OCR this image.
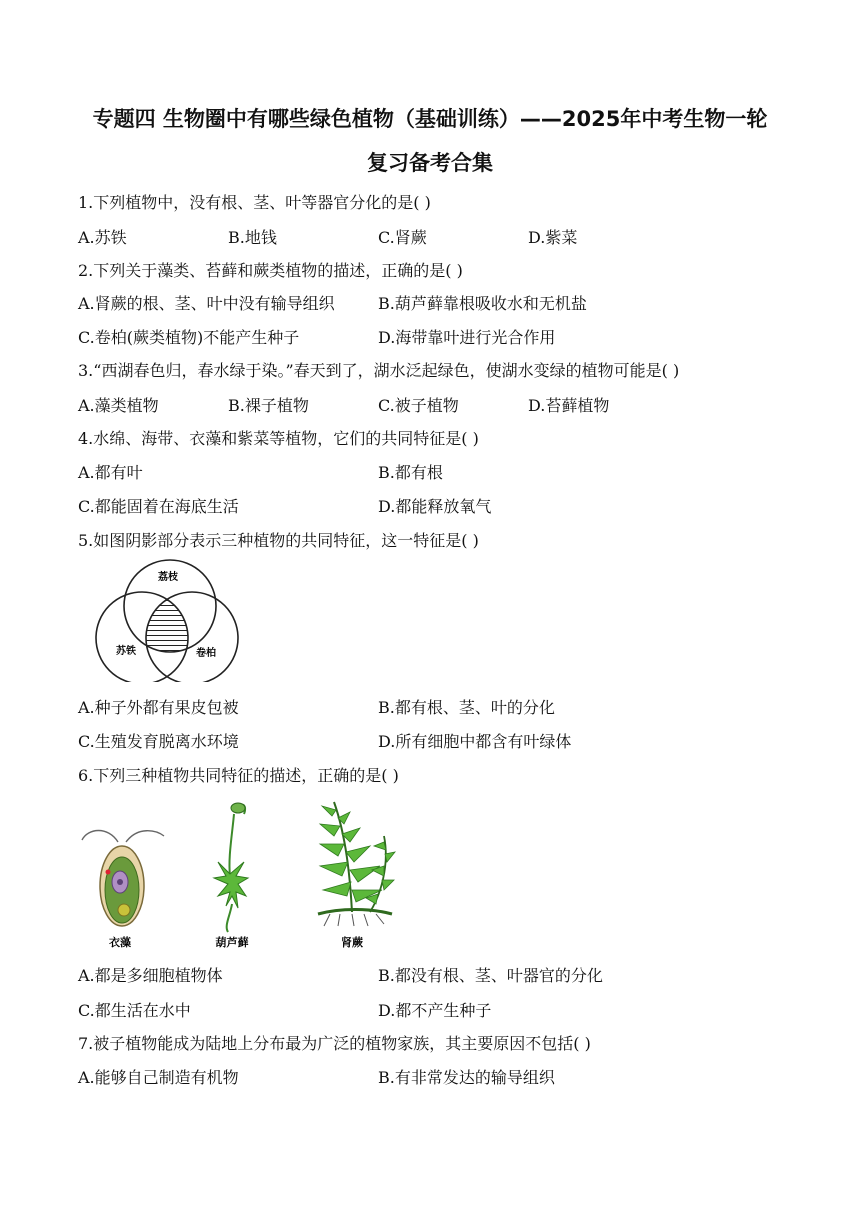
专题四 生物圈中有哪些绿色植物（基础训练）——2025年中考生物一轮
复习备考合集
1.下列植物中，没有根、茎、叶等器官分化的是( )
A.苏铁	B.地钱	C.肾蕨	D.紫菜
2.下列关于藻类、苔藓和蕨类植物的描述，正确的是( )
A.肾蕨的根、茎、叶中没有输导组织	B.葫芦藓靠根吸收水和无机盐
C.卷柏(蕨类植物)不能产生种子	D.海带靠叶进行光合作用
3.“西湖春色归，春水绿于染。”春天到了，湖水泛起绿色，使湖水变绿的植物可能是( )
A.藻类植物	B.裸子植物	C.被子植物	D.苔藓植物
4.水绵、海带、衣藻和紫菜等植物，它们的共同特征是( )
A.都有叶	B.都有根
C.都能固着在海底生活	D.都能释放氧气
5.如图阴影部分表示三种植物的共同特征，这一特征是( )
荔枝
苏铁	卷柏
A.种子外都有果皮包被	B.都有根、茎、叶的分化
C.生殖发育脱离水环境	D.所有细胞中都含有叶绿体
6.下列三种植物共同特征的描述，正确的是( )
衣藻	葫芦藓	肾蕨
A.都是多细胞植物体	B.都没有根、茎、叶器官的分化
C.都生活在水中	D.都不产生种子
7.被子植物能成为陆地上分布最为广泛的植物家族，其主要原因不包括( )
A.能够自己制造有机物	B.有非常发达的输导组织
